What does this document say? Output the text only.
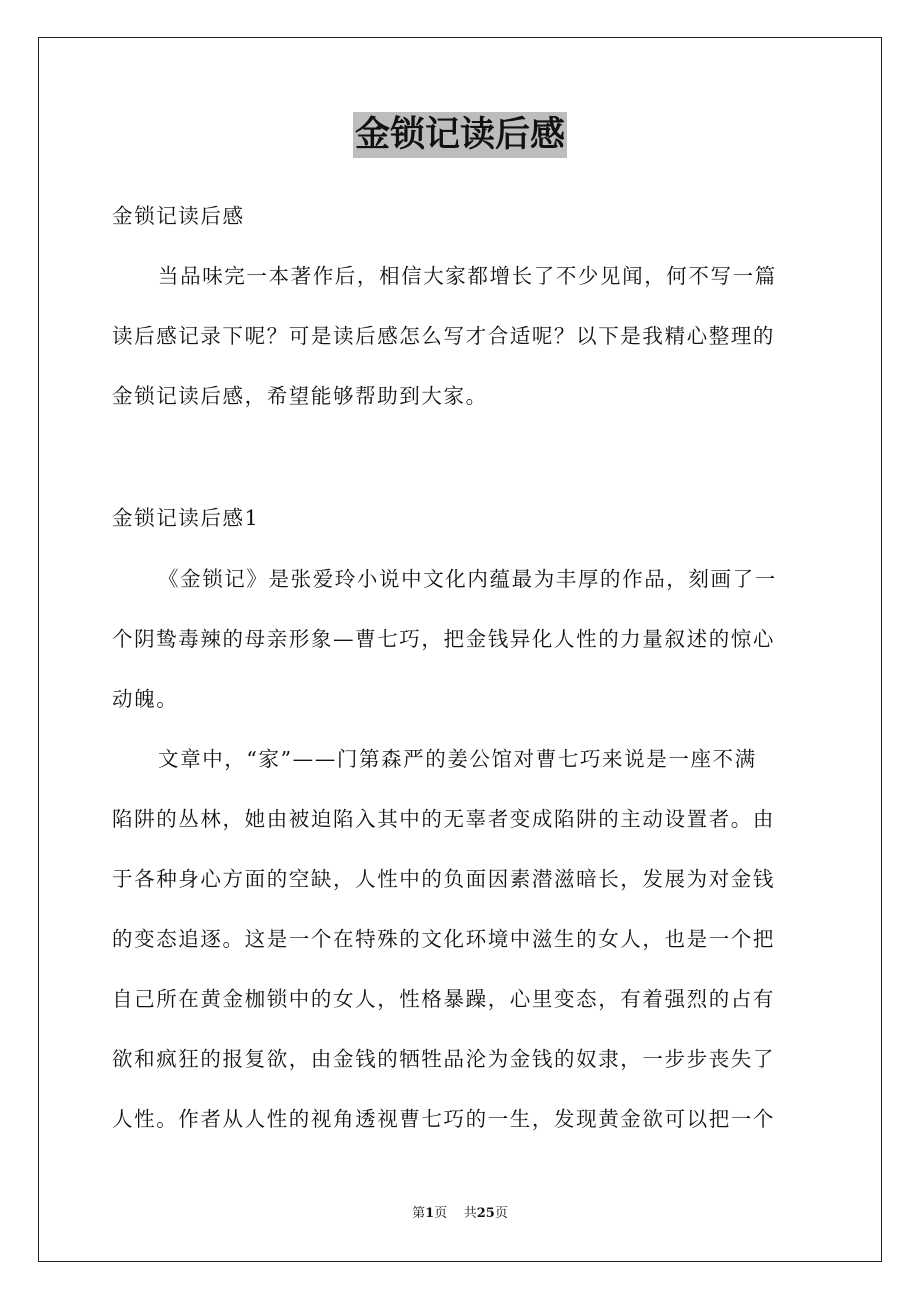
金锁记读后感
金锁记读后感
当品味完一本著作后，相信大家都增长了不少见闻，何不写一篇
读后感记录下呢？可是读后感怎么写才合适呢？以下是我精心整理的
金锁记读后感，希望能够帮助到大家。
金锁记读后感1
《金锁记》是张爱玲小说中文化内蕴最为丰厚的作品，刻画了一
个阴鸷毒辣的母亲形象—曹七巧，把金钱异化人性的力量叙述的惊心
动魄。
文章中，“家”——门第森严的姜公馆对曹七巧来说是一座不满
陷阱的丛林，她由被迫陷入其中的无辜者变成陷阱的主动设置者。由
于各种身心方面的空缺，人性中的负面因素潜滋暗长，发展为对金钱
的变态追逐。这是一个在特殊的文化环境中滋生的女人，也是一个把
自己所在黄金枷锁中的女人，性格暴躁，心里变态，有着强烈的占有
欲和疯狂的报复欲，由金钱的牺牲品沦为金钱的奴隶，一步步丧失了
人性。作者从人性的视角透视曹七巧的一生，发现黄金欲可以把一个
第1页    共25页
